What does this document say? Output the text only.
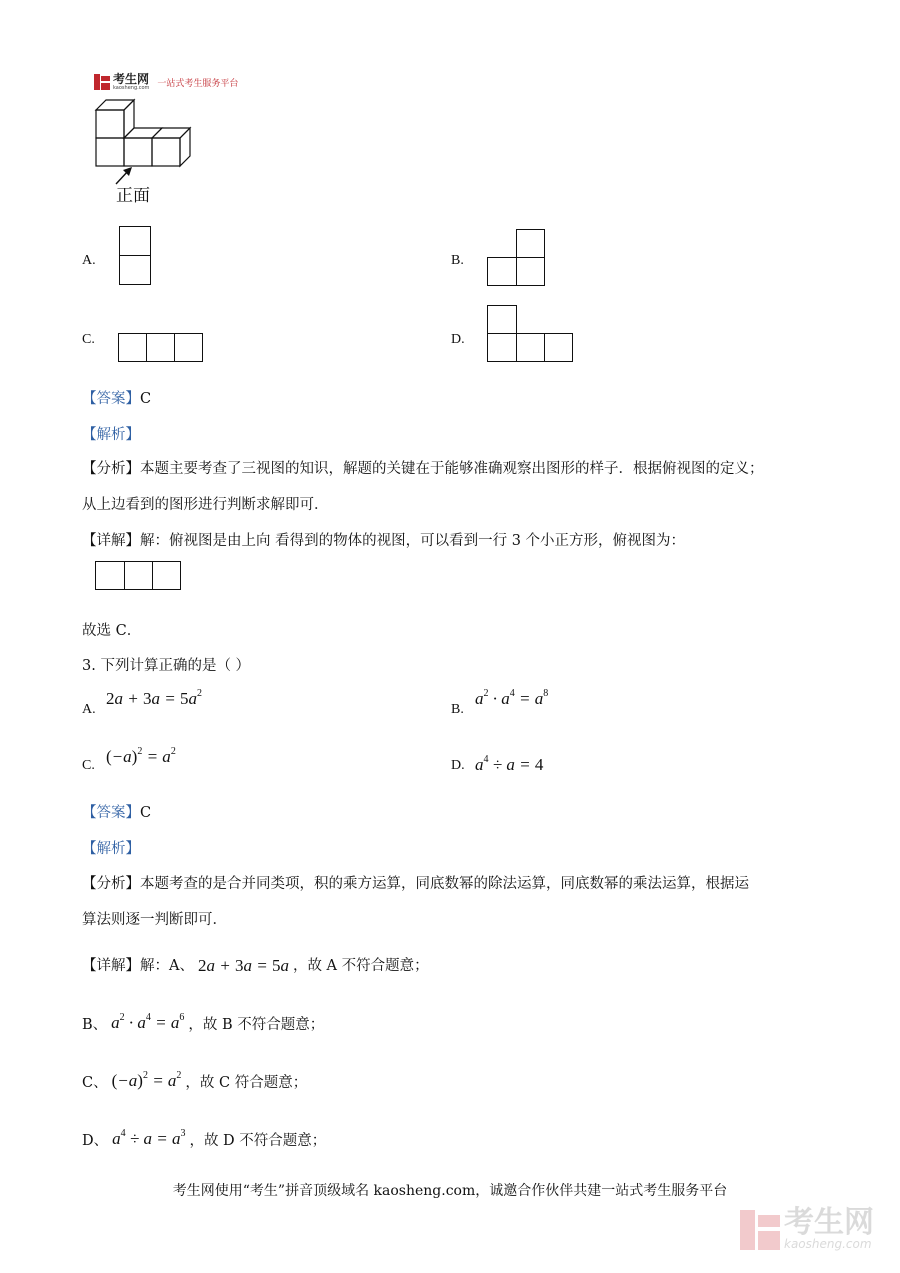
考生网
kaosheng.com 一站式考生服务平台
正面
A.	B.
C.	D.
【答案】C
【解析】
【分析】本题主要考查了三视图的知识，解题的关键在于能够准确观察出图形的样子．根据俯视图的定义；
从上边看到的图形进行判断求解即可．
【详解】解：俯视图是由上向 看得到的物体的视图，可以看到一行 3 个小正方形，俯视图为：
故选 C．
3. 下列计算正确的是（ ）
A.
$2a + 3a = 5a^2$
B.
$a^2 \cdot a^4 = a^8$
C. $(-a)^2 = a^2$
D. $a^4 \div a = 4$
【答案】C
【解析】
【分析】本题考查的是合并同类项，积的乘方运算，同底数幂的除法运算，同底数幂的乘法运算，根据运
算法则逐一判断即可．
【详解】 解：A、 2a + 3a = 5a ，故 A 不符合题意；
B、 $a^2 \cdot a^4 = a^6$ ，故 B 不符合题意；
C、 $(-a)^2 = a^2$ ，故 C 符合题意；
D、 $a^4 \div a = a^3$ ，故 D 不符合题意；
考生网使用“考生”拼音顶级域名 kaosheng.com，诚邀合作伙伴共建一站式考生服务平台
考生网
kaosheng.com
